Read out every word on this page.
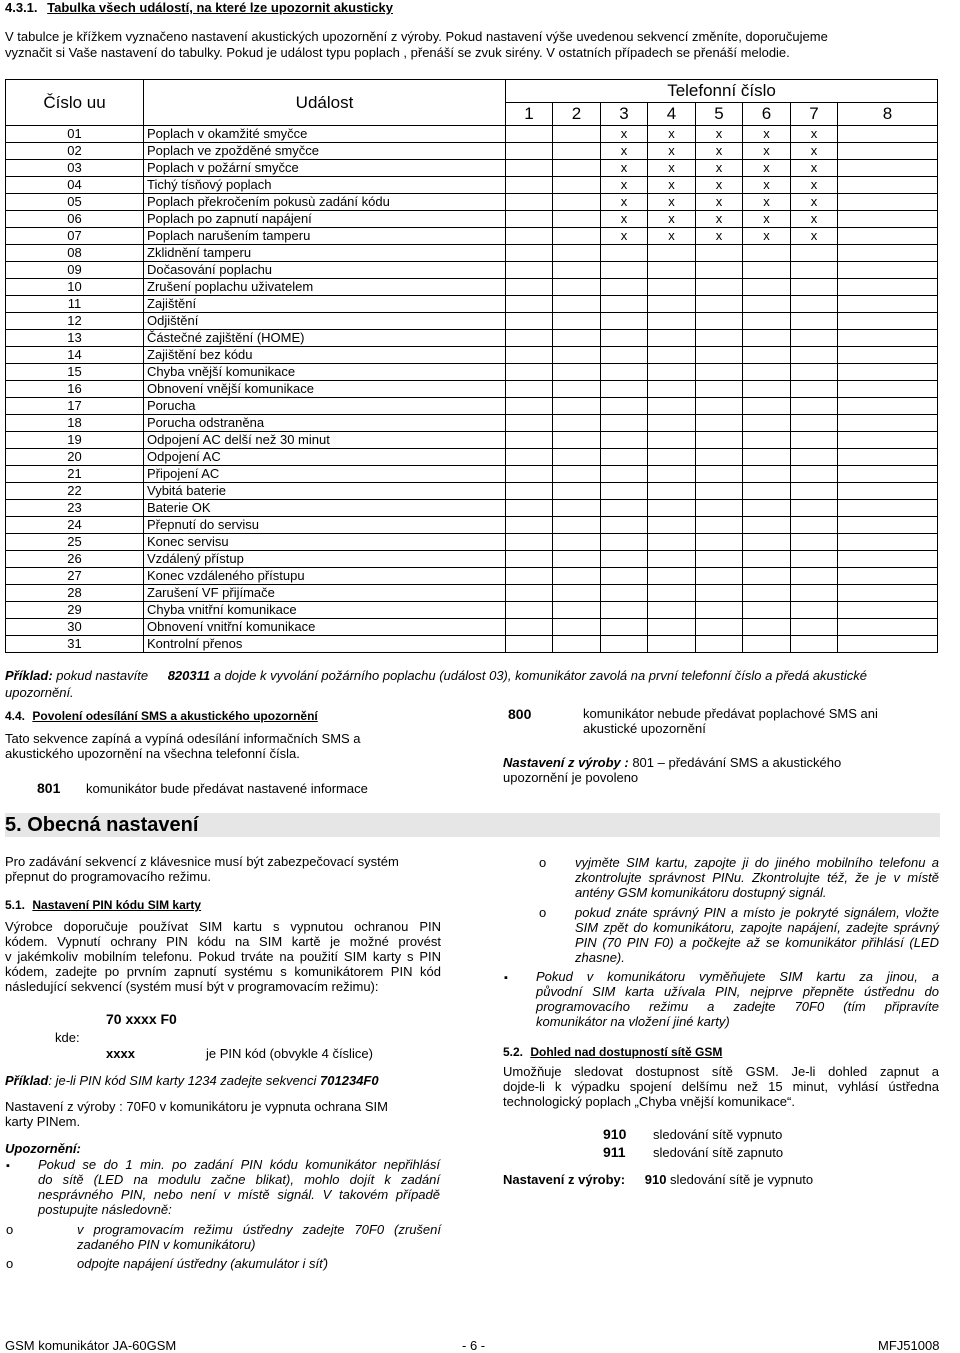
4.3.1. Tabulka všech událostí, na které lze upozornit akusticky

V tabulce je křížkem vyznačeno nastavení akustických upozornění z výroby. Pokud nastavení výše uvedenou sekvencí změníte, doporučujeme

vyznačit si Vaše nastavení do tabulky. Pokud je událost typu poplach , přenáší se zvuk sirény. V ostatních případech se přenáší melodie.

Číslo uu	Událost	Telefonní číslo							
		1	2	3	4	5	6	7	8
01	Poplach v okamžité smyčce			x	x	x	x	x	
02	Poplach ve zpožděné smyčce			x	x	x	x	x	
03	Poplach v požární smyčce			x	x	x	x	x	
04	Tichý tísňový poplach			x	x	x	x	x	
05	Poplach překročením pokusù zadání kódu			x	x	x	x	x	
06	Poplach po zapnutí napájení			x	x	x	x	x	
07	Poplach narušením tamperu			x	x	x	x	x	
08	Zklidnění tamperu								
09	Dočasování poplachu								
10	Zrušení poplachu uživatelem								
11	Zajištění								
12	Odjištění								
13	Částečné zajištění (HOME)								
14	Zajištění bez kódu								
15	Chyba vnější komunikace								
16	Obnovení vnější komunikace								
17	Porucha								
18	Porucha odstraněna								
19	Odpojení AC delší než 30 minut								
20	Odpojení AC								
21	Připojení AC								
22	Vybitá baterie								
23	Baterie OK								
24	Přepnutí do servisu								
25	Konec servisu								
26	Vzdálený přístup								
27	Konec vzdáleného přístupu								
28	Zarušení VF přijímače								
29	Chyba vnitřní komunikace								
30	Obnovení vnitřní komunikace								
31	Kontrolní přenos								

Příklad: pokud nastavíte 820311 a dojde k vyvolání požárního poplachu (událost 03), komunikátor zavolá na první telefonní číslo a předá akustické

upozornění.

4.4. Povolení odesílání SMS a akustického upozornění

Tato sekvence zapíná a vypíná odesílání informačních SMS a

akustického upozornění na všechna telefonní čísla.

801 komunikátor bude předávat nastavené informace
800	komunikátor nebude předávat poplachové SMS ani

akustické upozornění

Nastavení z výroby : 801 – předávání SMS a akustického

upozornění je povoleno

5. Obecná nastavení

Pro zadávání sekvencí z klávesnice musí být zabezpečovací systém

přepnut do programovacího režimu.

5.1. Nastavení PIN kódu SIM karty

Výrobce doporučuje používat SIM kartu s vypnutou ochranou PIN

kódem. Vypnutí ochrany PIN kódu na SIM kartě je možné provést

v jakémkoliv mobilním telefonu. Pokud trváte na použití SIM karty s PIN

kódem, zadejte po prvním zapnutí systému s komunikátorem PIN kód

následující sekvencí (systém musí být v programovacím režimu):

70 xxxx F0
kde:
xxxx	je PIN kód (obvykle 4 číslice)
Příklad: je-li PIN kód SIM karty 1234 zadejte sekvenci 701234F0

Nastavení z výroby : 70F0 v komunikátoru je vypnuta ochrana SIM

karty PINem.

Upozornění:
▪ Pokud se do 1 min. po zadání PIN kódu komunikátor nepřihlásí

do sítě (LED na modulu začne blikat), mohlo dojít k zadání

nesprávného PIN, nebo není v místě signál. V takovém případě

postupujte následovně:

o	v programovacím režimu ústředny zadejte 70F0 (zrušení

zadaného PIN v komunikátoru)

o	odpojte napájení ústředny (akumulátor i síť)
o vyjměte SIM kartu, zapojte ji do jiného mobilního telefonu a

zkontrolujte správnost PINu. Zkontrolujte též, že je v místě

antény GSM komunikátoru dostupný signál.

o pokud znáte správný PIN a místo je pokryté signálem, vložte

SIM zpět do komunikátoru, zapojte napájení, zadejte správný

PIN (70 PIN F0) a počkejte až se komunikátor přihlásí (LED

zhasne).

▪ Pokud v komunikátoru vyměňujete SIM kartu za jinou, a

původní SIM karta užívala PIN, nejprve přepněte ústřednu do

programovacího režimu a zadejte 70F0 (tím připravíte

komunikátor na vložení jiné karty)

5.2. Dohled nad dostupností sítě GSM

Umožňuje sledovat dostupnost sítě GSM. Je-li dohled zapnut a

dojde-li k výpadku spojení delšímu než 15 minut, vyhlásí ústředna

technologický poplach „Chyba vnější komunikace“.

910 sledování sítě vypnuto
911 sledování sítě zapnuto
Nastavení z výroby: 910 sledování sítě je vypnuto
GSM komunikátor JA-60GSM	- 6 -	MFJ51008
